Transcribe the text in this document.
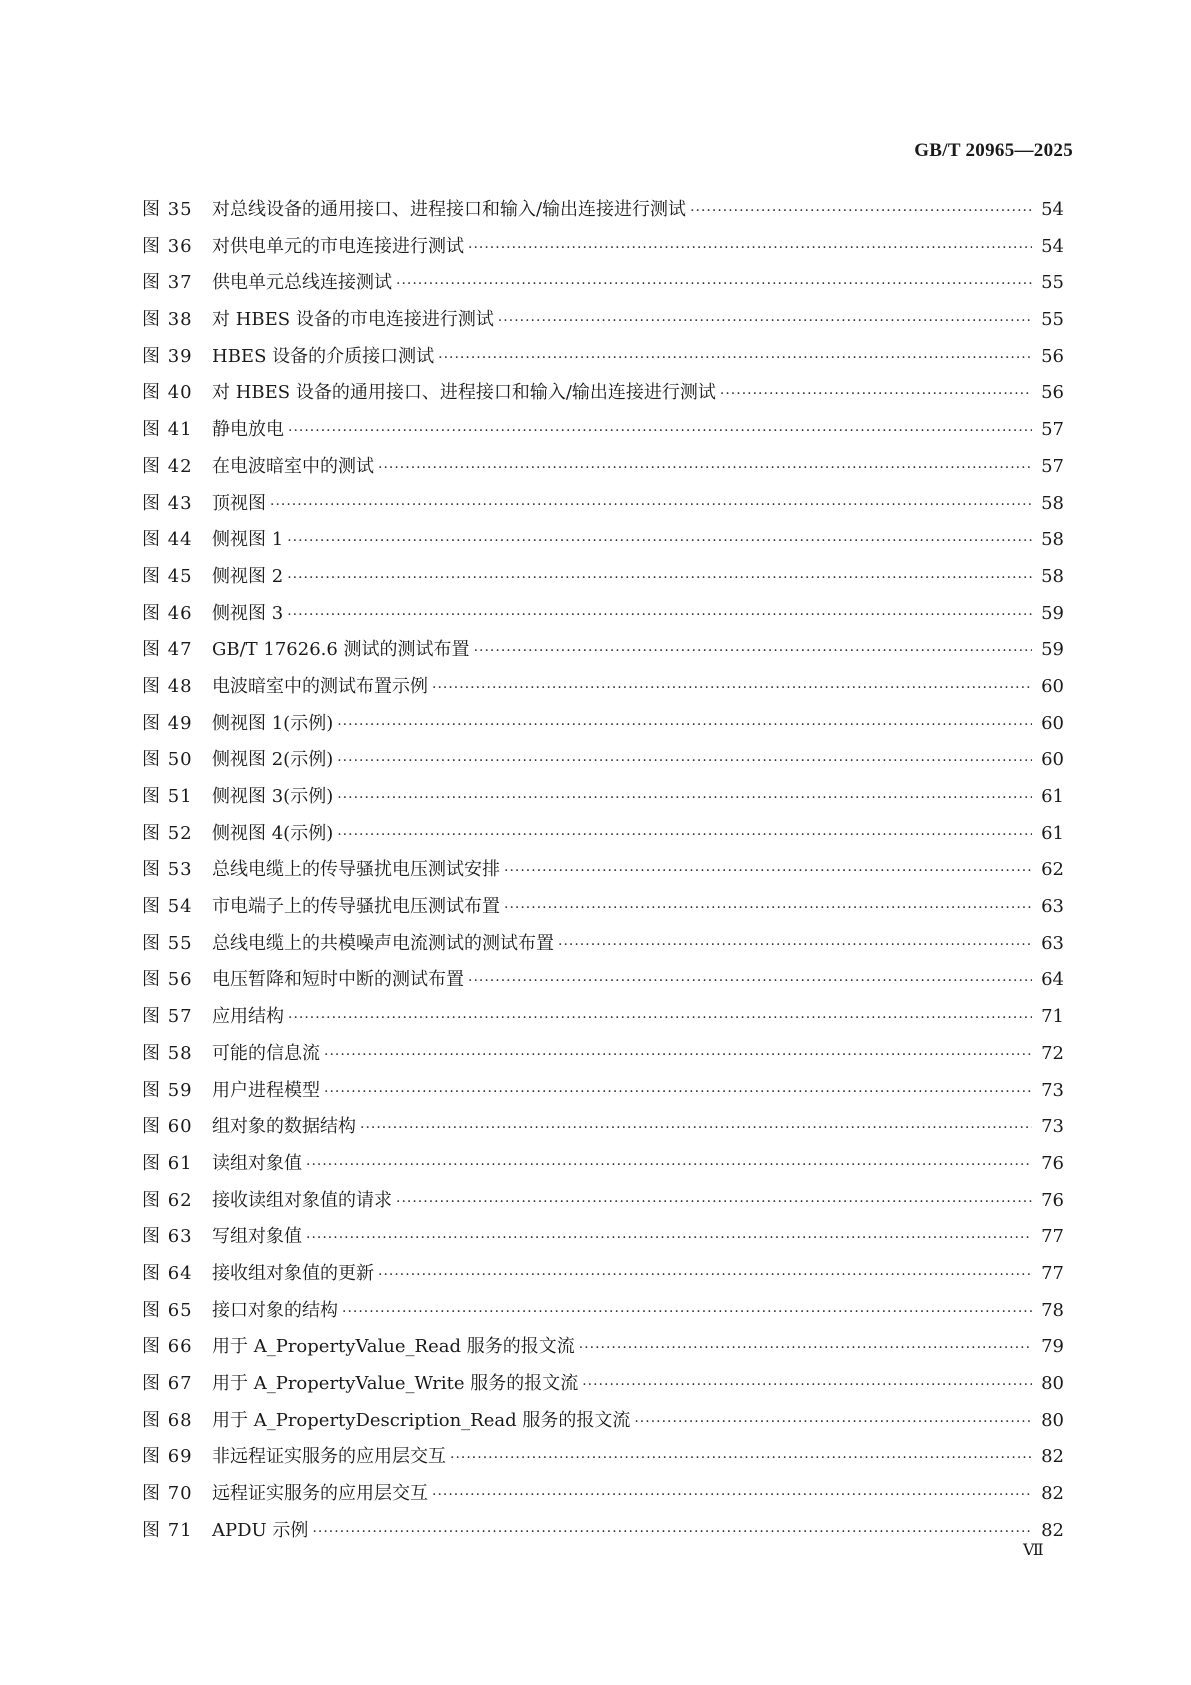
GB/T 20965—2025
图 35	对总线设备的通用接口、进程接口和输入/输出连接进行测试 ·····	54
图 36	对供电单元的市电连接进行测试 ·····	54
图 37	供电单元总线连接测试 ·····	55
图 38	对 HBES 设备的市电连接进行测试 ·····	55
图 39	HBES 设备的介质接口测试 ·····	56
图 40	对 HBES 设备的通用接口、进程接口和输入/输出连接进行测试 ·····	56
图 41	静电放电 ·····	57
图 42	在电波暗室中的测试 ·····	57
图 43	顶视图 ·····	58
图 44	侧视图 1 ·····	58
图 45	侧视图 2 ·····	58
图 46	侧视图 3 ·····	59
图 47	GB/T 17626.6 测试的测试布置 ·····	59
图 48	电波暗室中的测试布置示例 ·····	60
图 49	侧视图 1(示例) ·····	60
图 50	侧视图 2(示例) ·····	60
图 51	侧视图 3(示例) ·····	61
图 52	侧视图 4(示例) ·····	61
图 53	总线电缆上的传导骚扰电压测试安排 ·····	62
图 54	市电端子上的传导骚扰电压测试布置 ·····	63
图 55	总线电缆上的共模噪声电流测试的测试布置 ·····	63
图 56	电压暂降和短时中断的测试布置 ·····	64
图 57	应用结构 ·····	71
图 58	可能的信息流 ·····	72
图 59	用户进程模型 ·····	73
图 60	组对象的数据结构 ·····	73
图 61	读组对象值 ·····	76
图 62	接收读组对象值的请求 ·····	76
图 63	写组对象值 ·····	77
图 64	接收组对象值的更新 ·····	77
图 65	接口对象的结构 ·····	78
图 66	用于 A_PropertyValue_Read 服务的报文流 ·····	79
图 67	用于 A_PropertyValue_Write 服务的报文流 ·····	80
图 68	用于 A_PropertyDescription_Read 服务的报文流 ·····	80
图 69	非远程证实服务的应用层交互 ·····	82
图 70	远程证实服务的应用层交互 ·····	82
图 71	APDU 示例 ·····	82
Ⅶ
